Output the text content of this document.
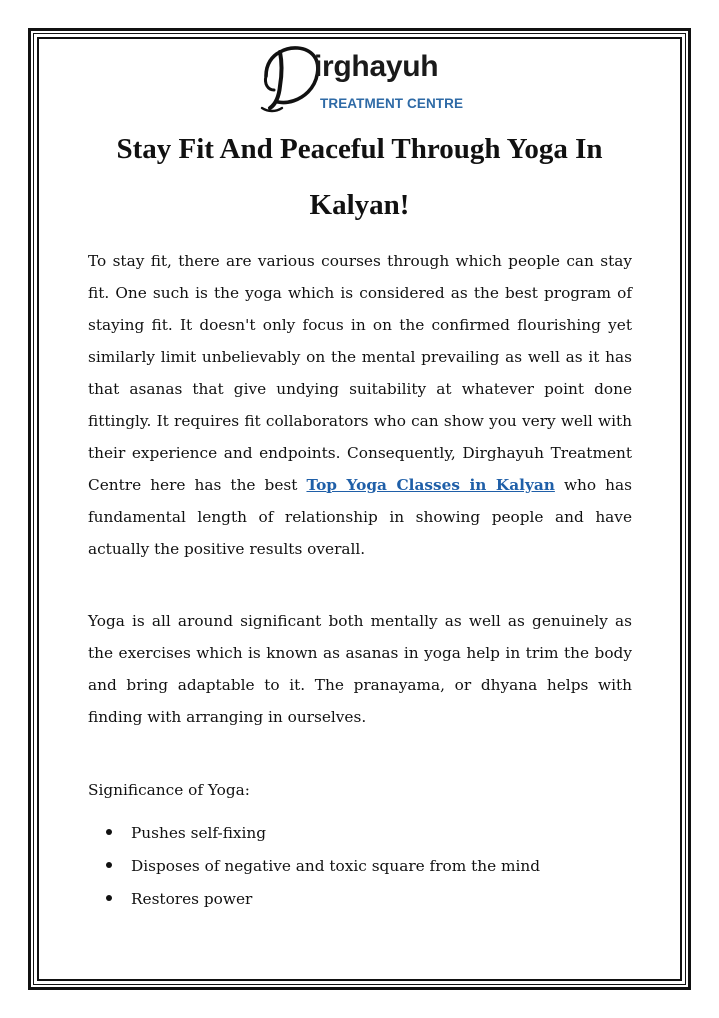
irghayuh
TREATMENT CENTRE
Stay Fit And Peaceful Through Yoga In
Kalyan!

To stay fit, there are various courses through which people can stay fit. One such is the yoga which is considered as the best program of staying fit. It doesn't only focus in on the confirmed flourishing yet similarly limit unbelievably on the mental prevailing as well as it has that asanas that give undying suitability at whatever point done fittingly. It requires fit collaborators who can show you very well with their experience and endpoints. Consequently, Dirghayuh Treatment Centre here has the best Top Yoga Classes in Kalyan who has fundamental length of relationship in showing people and have actually the positive results overall.

Yoga is all around significant both mentally as well as genuinely as the exercises which is known as asanas in yoga help in trim the body and bring adaptable to it. The pranayama, or dhyana helps with finding with arranging in ourselves.

Significance of Yoga:
Pushes self-fixing
Disposes of negative and toxic square from the mind
Restores power
